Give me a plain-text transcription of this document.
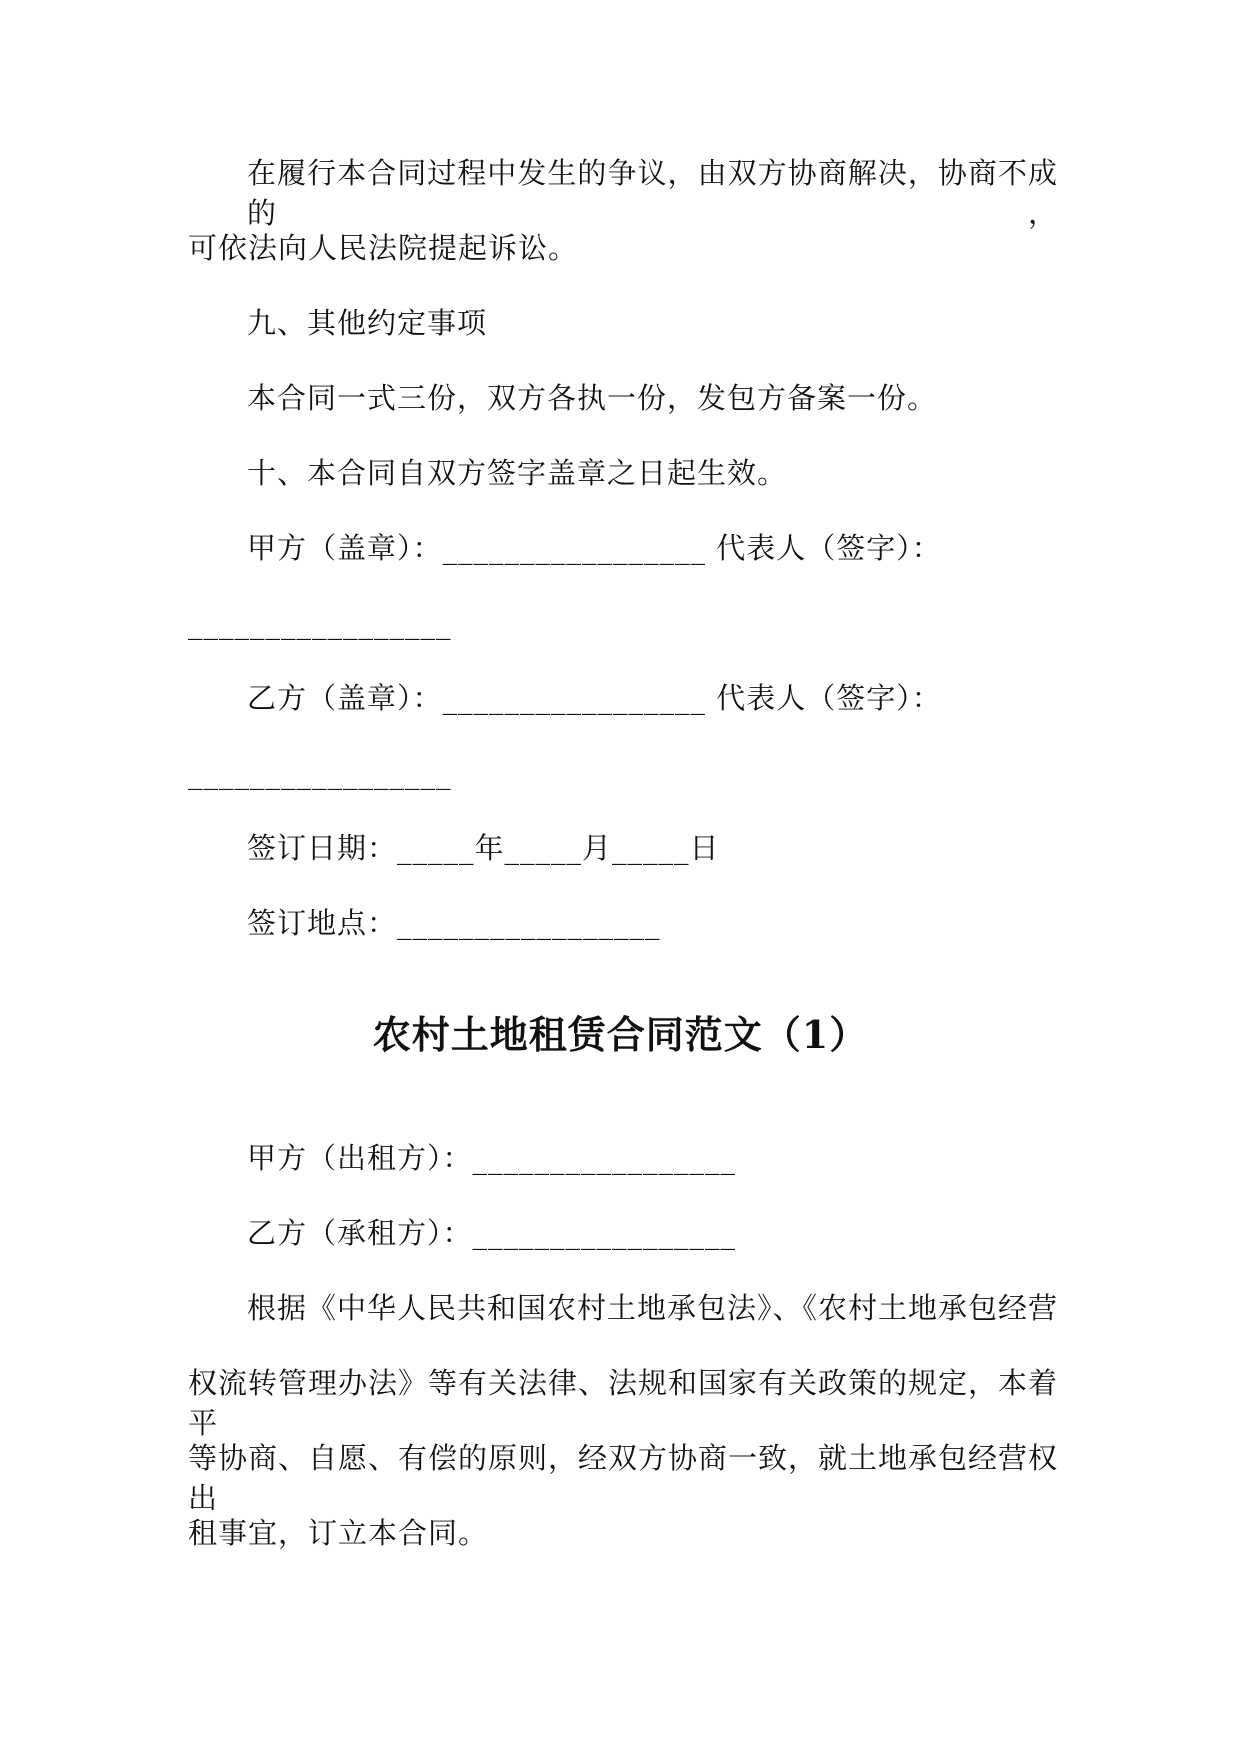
在履行本合同过程中发生的争议，由双方协商解决，协商不成的，
可依法向人民法院提起诉讼。
九、其他约定事项
本合同一式三份，双方各执一份，发包方备案一份。
十、本合同自双方签字盖章之日起生效。
甲方（盖章）：_________________ 代表人（签字）：
_________________
乙方（盖章）：_________________ 代表人（签字）：
_________________
签订日期：_____年_____月_____日
签订地点：_________________
农村土地租赁合同范文（1）
甲方（出租方）：_________________
乙方（承租方）：_________________
根据《中华人民共和国农村土地承包法》、《农村土地承包经营
权流转管理办法》等有关法律、法规和国家有关政策的规定，本着平
等协商、自愿、有偿的原则，经双方协商一致，就土地承包经营权出
租事宜，订立本合同。
